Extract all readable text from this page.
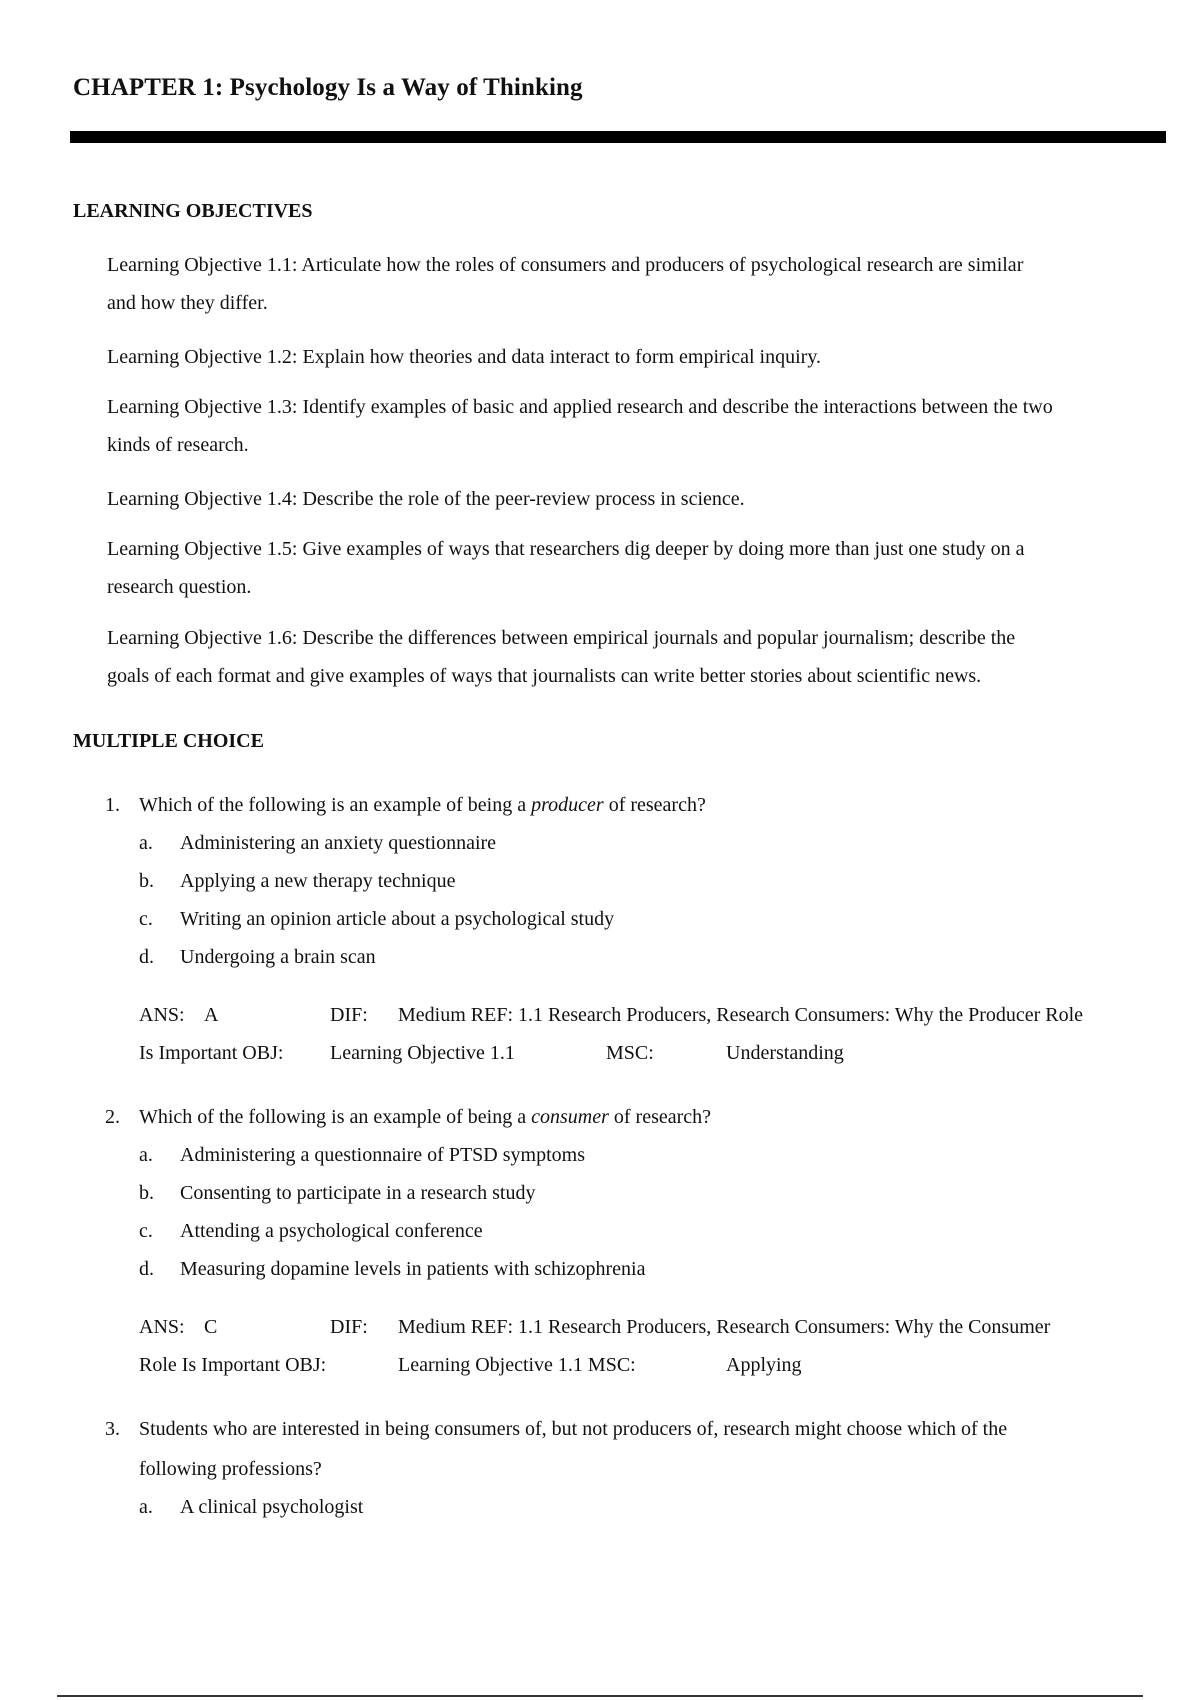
CHAPTER 1: Psychology Is a Way of Thinking
LEARNING OBJECTIVES
Learning Objective 1.1: Articulate how the roles of consumers and producers of psychological research are similar
and how they differ.
Learning Objective 1.2: Explain how theories and data interact to form empirical inquiry.
Learning Objective 1.3: Identify examples of basic and applied research and describe the interactions between the two
kinds of research.
Learning Objective 1.4: Describe the role of the peer-review process in science.
Learning Objective 1.5: Give examples of ways that researchers dig deeper by doing more than just one study on a
research question.
Learning Objective 1.6: Describe the differences between empirical journals and popular journalism; describe the
goals of each format and give examples of ways that journalists can write better stories about scientific news.
MULTIPLE CHOICE
1. Which of the following is an example of being a producer of research?
a. Administering an anxiety questionnaire
b. Applying a new therapy technique
c. Writing an opinion article about a psychological study
d. Undergoing a brain scan
ANS: A	DIF: Medium REF: 1.1 Research Producers, Research Consumers: Why the Producer Role
Is Important OBJ: Learning Objective 1.1	MSC:	Understanding
2. Which of the following is an example of being a consumer of research?
a. Administering a questionnaire of PTSD symptoms
b. Consenting to participate in a research study
c. Attending a psychological conference
d. Measuring dopamine levels in patients with schizophrenia
ANS: C	DIF: Medium REF: 1.1 Research Producers, Research Consumers: Why the Consumer
Role Is Important OBJ:	Learning Objective 1.1 MSC:	Applying
3. Students who are interested in being consumers of, but not producers of, research might choose which of the
following professions?
a. A clinical psychologist
